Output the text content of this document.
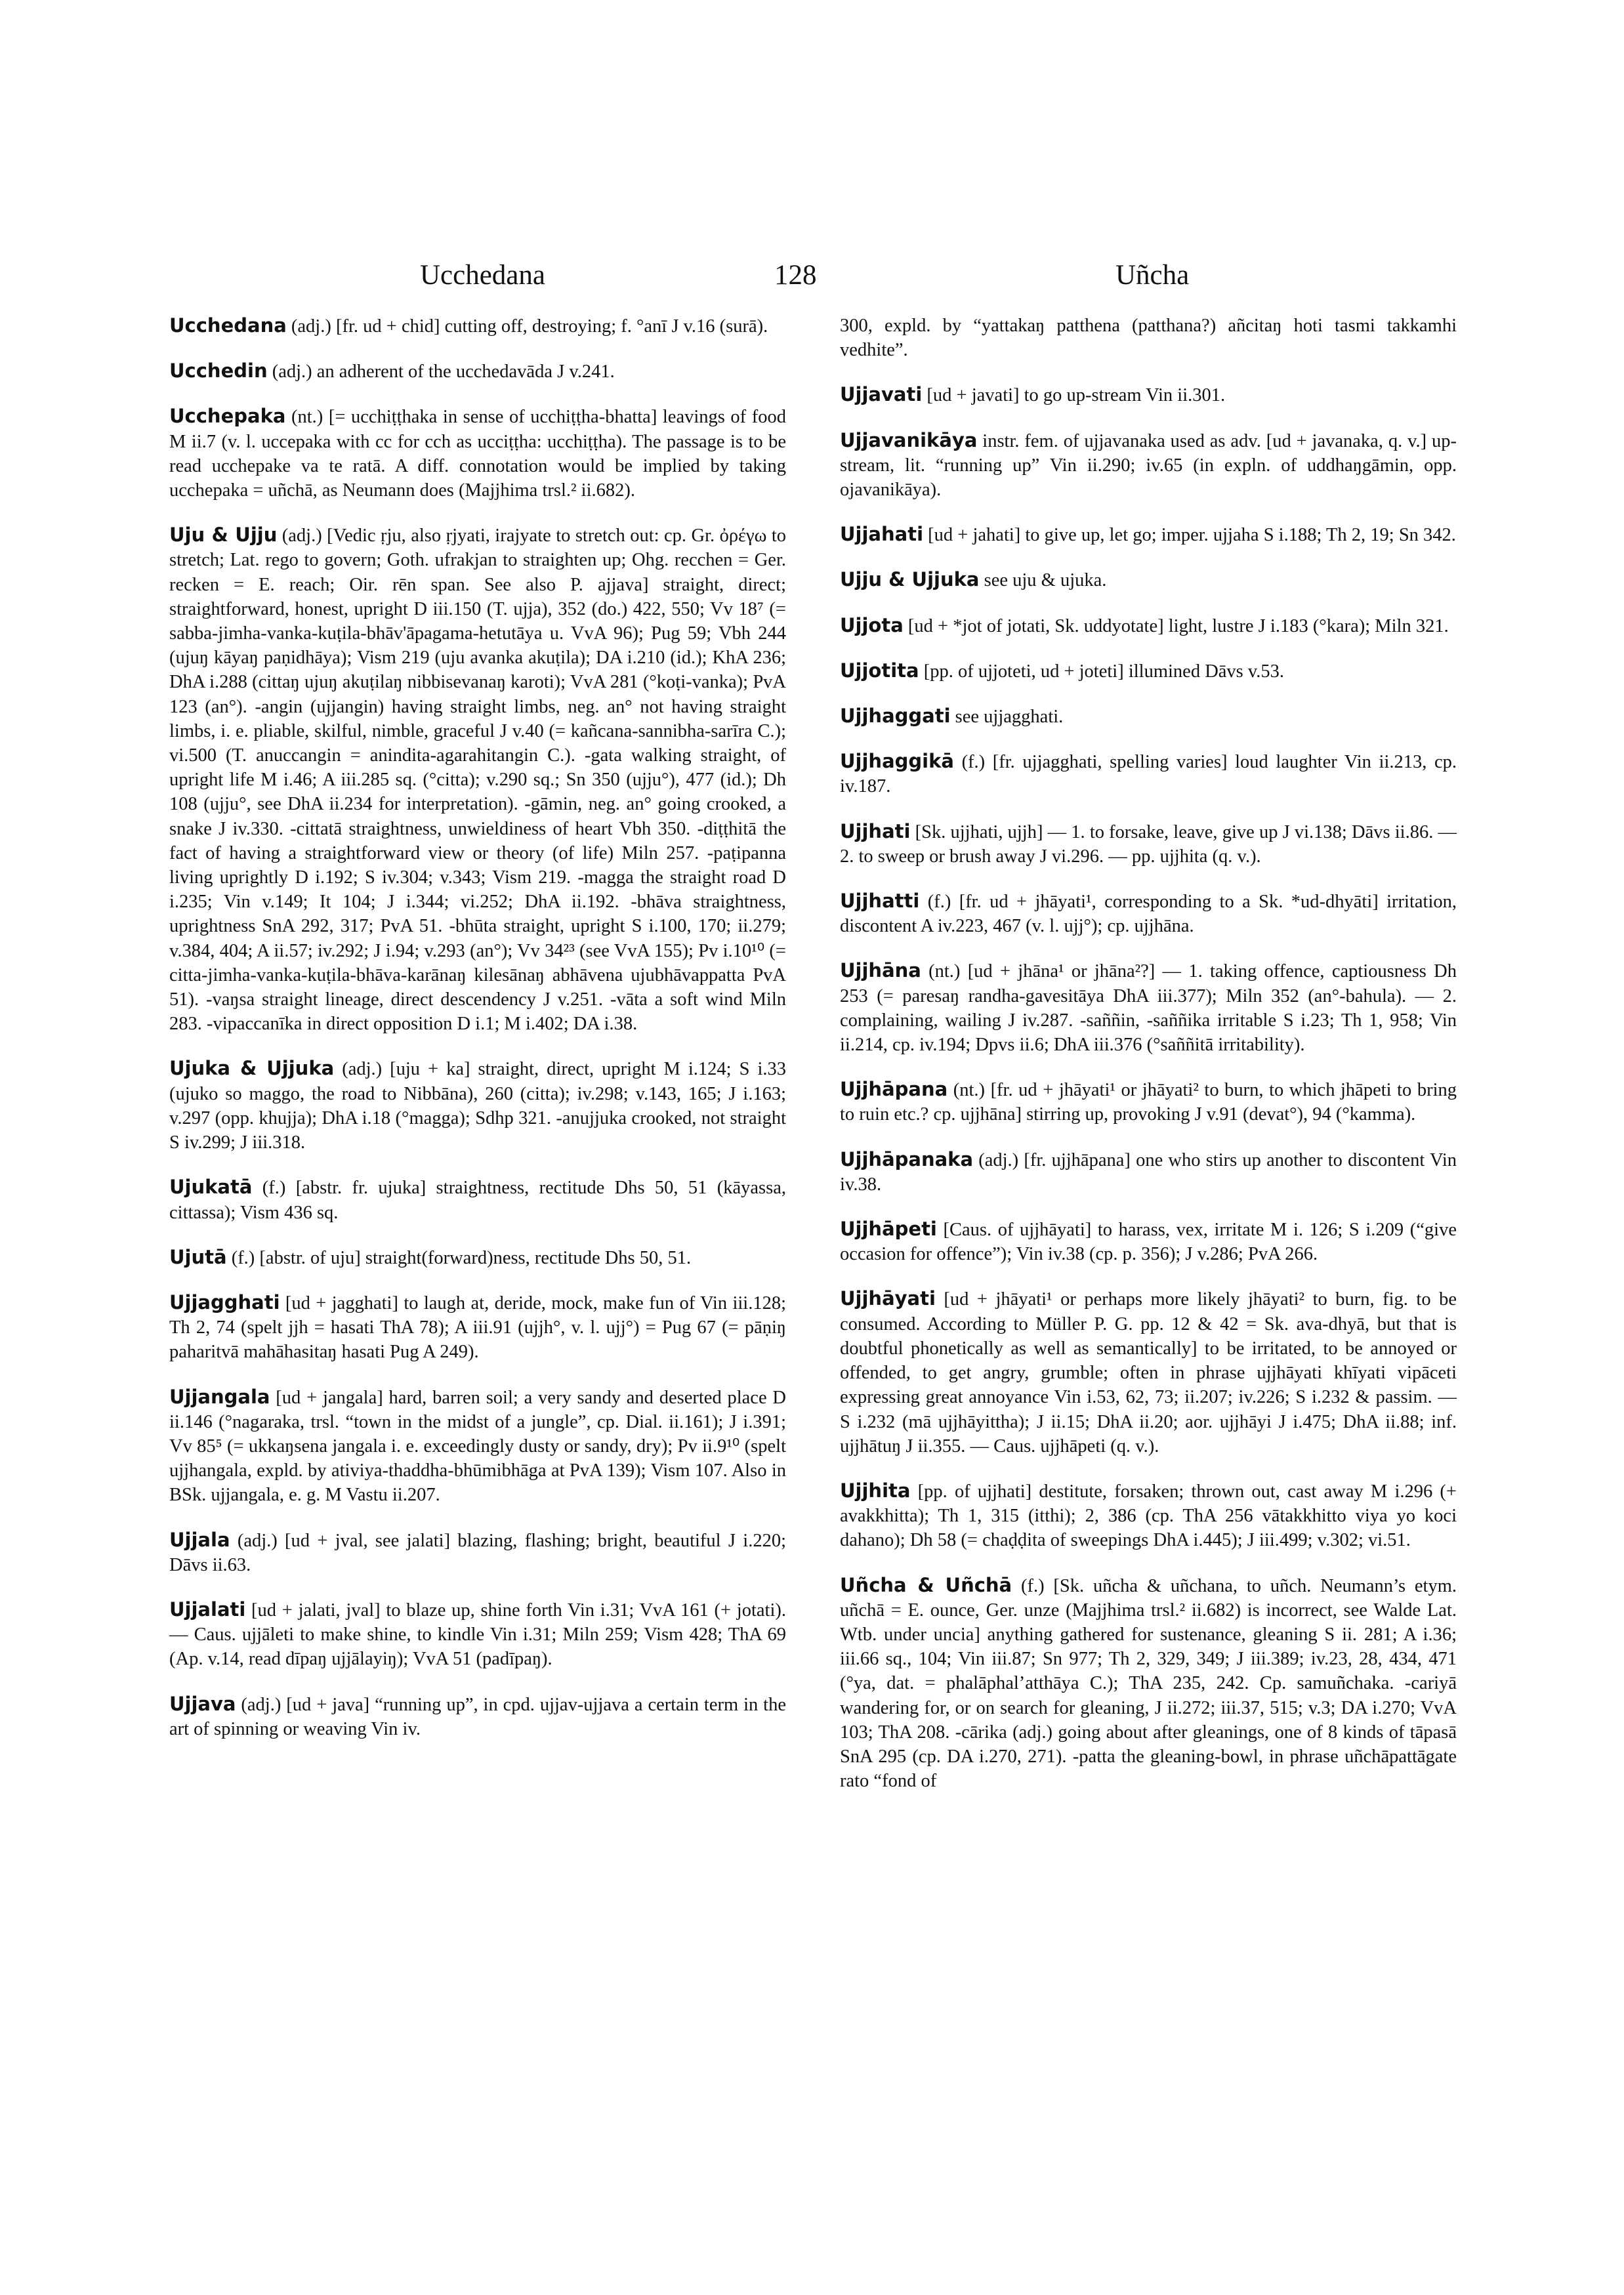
Ucchedana	128	Uñcha

Ucchedana (adj.) [fr. ud + chid] cutting off, destroying; f. °anī J v.16 (surā).

Ucchedin (adj.) an adherent of the ucchedavāda J v.241.

Ucchepaka (nt.) [= ucchiṭṭhaka in sense of ucchiṭṭha-bhatta] leavings of food M ii.7 (v. l. uccepaka with cc for cch as ucciṭṭha: ucchiṭṭha). The passage is to be read ucchepake va te ratā. A diff. connotation would be implied by taking ucchepaka = uñchā, as Neumann does (Majjhima trsl.² ii.682).

Uju & Ujju (adj.) [Vedic ṛju, also ṛjyati, irajyate to stretch out: cp. Gr. ὀρέγω to stretch; Lat. rego to govern; Goth. ufrakjan to straighten up; Ohg. recchen = Ger. recken = E. reach; Oir. rēn span. See also P. ajjava] straight, direct; straightforward, honest, upright D iii.150 (T. ujja), 352 (do.) 422, 550; Vv 18⁷ (= sabba-jimha-vanka-kuṭila-bhāv'āpagama-hetutāya u. VvA 96); Pug 59; Vbh 244 (ujuŋ kāyaŋ paṇidhāya); Vism 219 (uju avanka akuṭila); DA i.210 (id.); KhA 236; DhA i.288 (cittaŋ ujuŋ akuṭilaŋ nibbisevanaŋ karoti); VvA 281 (°koṭi-vanka); PvA 123 (an°). -angin (ujjangin) having straight limbs, neg. an° not having straight limbs, i. e. pliable, skilful, nimble, graceful J v.40 (= kañcana-sannibha-sarīra C.); vi.500 (T. anuccangin = anindita-agarahitangin C.). -gata walking straight, of upright life M i.46; A iii.285 sq. (°citta); v.290 sq.; Sn 350 (ujju°), 477 (id.); Dh 108 (ujju°, see DhA ii.234 for interpretation). -gāmin, neg. an° going crooked, a snake J iv.330. -cittatā straightness, unwieldiness of heart Vbh 350. -diṭṭhitā the fact of having a straightforward view or theory (of life) Miln 257. -paṭipanna living uprightly D i.192; S iv.304; v.343; Vism 219. -magga the straight road D i.235; Vin v.149; It 104; J i.344; vi.252; DhA ii.192. -bhāva straightness, uprightness SnA 292, 317; PvA 51. -bhūta straight, upright S i.100, 170; ii.279; v.384, 404; A ii.57; iv.292; J i.94; v.293 (an°); Vv 34²³ (see VvA 155); Pv i.10¹⁰ (= citta-jimha-vanka-kuṭila-bhāva-karānaŋ kilesānaŋ abhāvena ujubhāvappatta PvA 51). -vaŋsa straight lineage, direct descendency J v.251. -vāta a soft wind Miln 283. -vipaccanīka in direct opposition D i.1; M i.402; DA i.38.

Ujuka & Ujjuka (adj.) [uju + ka] straight, direct, upright M i.124; S i.33 (ujuko so maggo, the road to Nibbāna), 260 (citta); iv.298; v.143, 165; J i.163; v.297 (opp. khujja); DhA i.18 (°magga); Sdhp 321. -anujjuka crooked, not straight S iv.299; J iii.318.

Ujukatā (f.) [abstr. fr. ujuka] straightness, rectitude Dhs 50, 51 (kāyassa, cittassa); Vism 436 sq.

Ujutā (f.) [abstr. of uju] straight(forward)ness, rectitude Dhs 50, 51.

Ujjagghati [ud + jagghati] to laugh at, deride, mock, make fun of Vin iii.128; Th 2, 74 (spelt jjh = hasati ThA 78); A iii.91 (ujjh°, v. l. ujj°) = Pug 67 (= pāṇiŋ paharitvā mahāhasitaŋ hasati Pug A 249).

Ujjangala [ud + jangala] hard, barren soil; a very sandy and deserted place D ii.146 (°nagaraka, trsl. “town in the midst of a jungle”, cp. Dial. ii.161); J i.391; Vv 85⁵ (= ukkaŋsena jangala i. e. exceedingly dusty or sandy, dry); Pv ii.9¹⁰ (spelt ujjhangala, expld. by ativiya-thaddha-bhūmibhāga at PvA 139); Vism 107. Also in BSk. ujjangala, e. g. M Vastu ii.207.

Ujjala (adj.) [ud + jval, see jalati] blazing, flashing; bright, beautiful J i.220; Dāvs ii.63.

Ujjalati [ud + jalati, jval] to blaze up, shine forth Vin i.31; VvA 161 (+ jotati). — Caus. ujjāleti to make shine, to kindle Vin i.31; Miln 259; Vism 428; ThA 69 (Ap. v.14, read dīpaŋ ujjālayiŋ); VvA 51 (padīpaŋ).

Ujjava (adj.) [ud + java] “running up”, in cpd. ujjav-ujjava a certain term in the art of spinning or weaving Vin iv.

300, expld. by “yattakaŋ patthena (patthana?) añcitaŋ hoti tasmi takkamhi vedhite”.

Ujjavati [ud + javati] to go up-stream Vin ii.301.

Ujjavanikāya instr. fem. of ujjavanaka used as adv. [ud + javanaka, q. v.] up-stream, lit. “running up” Vin ii.290; iv.65 (in expln. of uddhaŋgāmin, opp. ojavanikāya).

Ujjahati [ud + jahati] to give up, let go; imper. ujjaha S i.188; Th 2, 19; Sn 342.

Ujju & Ujjuka see uju & ujuka.

Ujjota [ud + *jot of jotati, Sk. uddyotate] light, lustre J i.183 (°kara); Miln 321.

Ujjotita [pp. of ujjoteti, ud + joteti] illumined Dāvs v.53.

Ujjhaggati see ujjagghati.

Ujjhaggikā (f.) [fr. ujjagghati, spelling varies] loud laughter Vin ii.213, cp. iv.187.

Ujjhati [Sk. ujjhati, ujjh] — 1. to forsake, leave, give up J vi.138; Dāvs ii.86. — 2. to sweep or brush away J vi.296. — pp. ujjhita (q. v.).

Ujjhatti (f.) [fr. ud + jhāyati¹, corresponding to a Sk. *ud-dhyāti] irritation, discontent A iv.223, 467 (v. l. ujj°); cp. ujjhāna.

Ujjhāna (nt.) [ud + jhāna¹ or jhāna²?] — 1. taking offence, captiousness Dh 253 (= paresaŋ randha-gavesitāya DhA iii.377); Miln 352 (an°-bahula). — 2. complaining, wailing J iv.287. -saññin, -saññika irritable S i.23; Th 1, 958; Vin ii.214, cp. iv.194; Dpvs ii.6; DhA iii.376 (°saññitā irritability).

Ujjhāpana (nt.) [fr. ud + jhāyati¹ or jhāyati² to burn, to which jhāpeti to bring to ruin etc.? cp. ujjhāna] stirring up, provoking J v.91 (devat°), 94 (°kamma).

Ujjhāpanaka (adj.) [fr. ujjhāpana] one who stirs up another to discontent Vin iv.38.

Ujjhāpeti [Caus. of ujjhāyati] to harass, vex, irritate M i. 126; S i.209 (“give occasion for offence”); Vin iv.38 (cp. p. 356); J v.286; PvA 266.

Ujjhāyati [ud + jhāyati¹ or perhaps more likely jhāyati² to burn, fig. to be consumed. According to Müller P. G. pp. 12 & 42 = Sk. ava-dhyā, but that is doubtful phonetically as well as semantically] to be irritated, to be annoyed or offended, to get angry, grumble; often in phrase ujjhāyati khīyati vipāceti expressing great annoyance Vin i.53, 62, 73; ii.207; iv.226; S i.232 & passim. — S i.232 (mā ujjhāyittha); J ii.15; DhA ii.20; aor. ujjhāyi J i.475; DhA ii.88; inf. ujjhātuŋ J ii.355. — Caus. ujjhāpeti (q. v.).

Ujjhita [pp. of ujjhati] destitute, forsaken; thrown out, cast away M i.296 (+ avakkhitta); Th 1, 315 (itthi); 2, 386 (cp. ThA 256 vātakkhitto viya yo koci dahano); Dh 58 (= chaḍḍita of sweepings DhA i.445); J iii.499; v.302; vi.51.

Uñcha & Uñchā (f.) [Sk. uñcha & uñchana, to uñch. Neumann’s etym. uñchā = E. ounce, Ger. unze (Majjhima trsl.² ii.682) is incorrect, see Walde Lat. Wtb. under uncia] anything gathered for sustenance, gleaning S ii. 281; A i.36; iii.66 sq., 104; Vin iii.87; Sn 977; Th 2, 329, 349; J iii.389; iv.23, 28, 434, 471 (°ya, dat. = phalāphal’atthāya C.); ThA 235, 242. Cp. samuñchaka. -cariyā wandering for, or on search for gleaning, J ii.272; iii.37, 515; v.3; DA i.270; VvA 103; ThA 208. -cārika (adj.) going about after gleanings, one of 8 kinds of tāpasā SnA 295 (cp. DA i.270, 271). -patta the gleaning-bowl, in phrase uñchāpattāgate rato “fond of
